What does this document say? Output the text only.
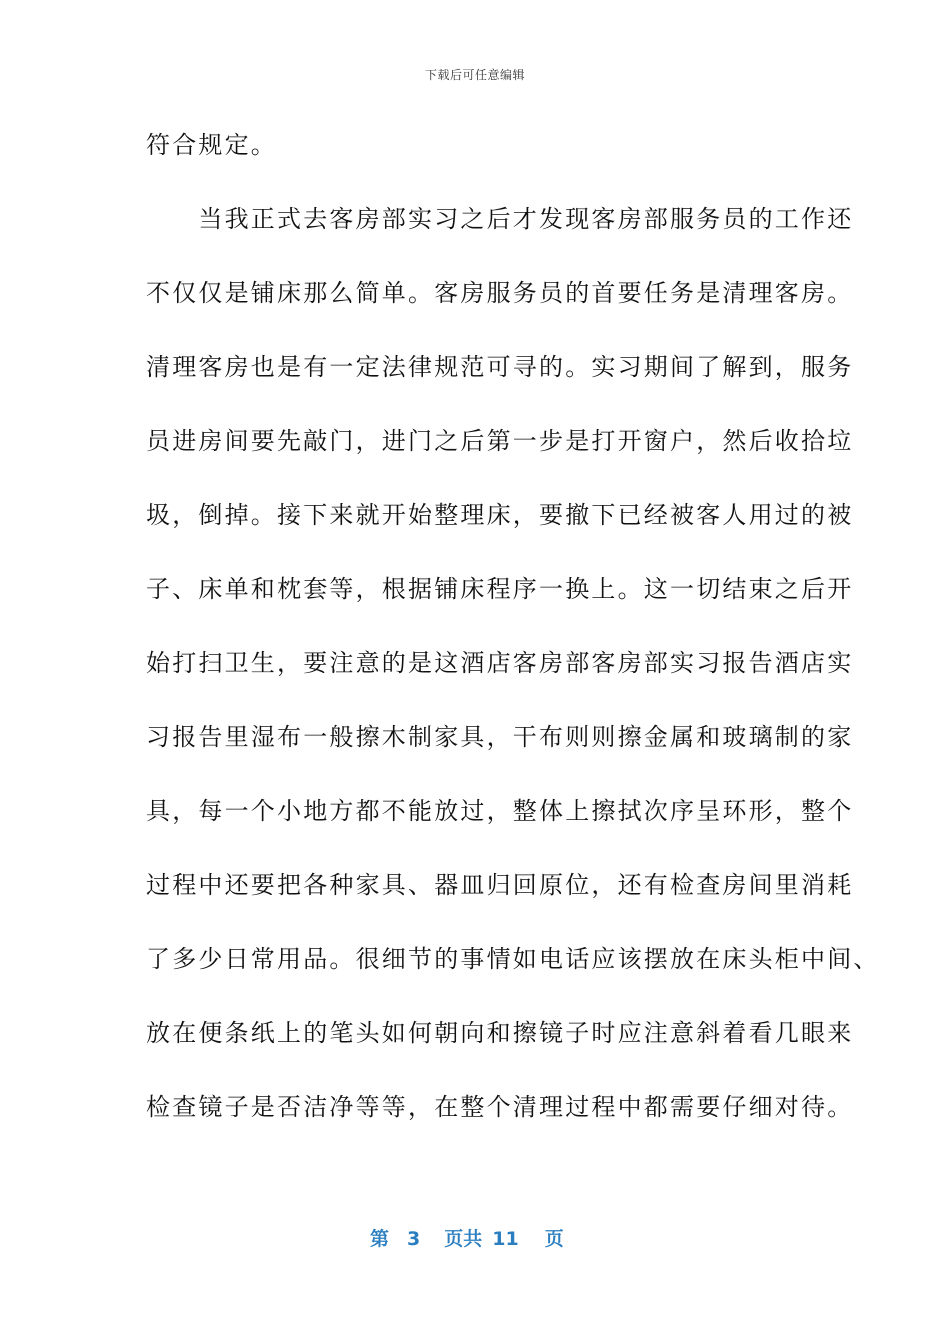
下载后可任意编辑
符合规定。
　　当我正式去客房部实习之后才发现客房部服务员的工作还
不仅仅是铺床那么简单。客房服务员的首要任务是清理客房。
清理客房也是有一定法律规范可寻的。实习期间了解到，服务
员进房间要先敲门，进门之后第一步是打开窗户，然后收拾垃
圾，倒掉。接下来就开始整理床，要撤下已经被客人用过的被
子、床单和枕套等，根据铺床程序一换上。这一切结束之后开
始打扫卫生，要注意的是这酒店客房部客房部实习报告酒店实
习报告里湿布一般擦木制家具，干布则则擦金属和玻璃制的家
具，每一个小地方都不能放过，整体上擦拭次序呈环形，整个
过程中还要把各种家具、器皿归回原位，还有检查房间里消耗
了多少日常用品。很细节的事情如电话应该摆放在床头柜中间、
放在便条纸上的笔头如何朝向和擦镜子时应注意斜着看几眼来
检查镜子是否洁净等等，在整个清理过程中都需要仔细对待。
第 3 页共 11 页
